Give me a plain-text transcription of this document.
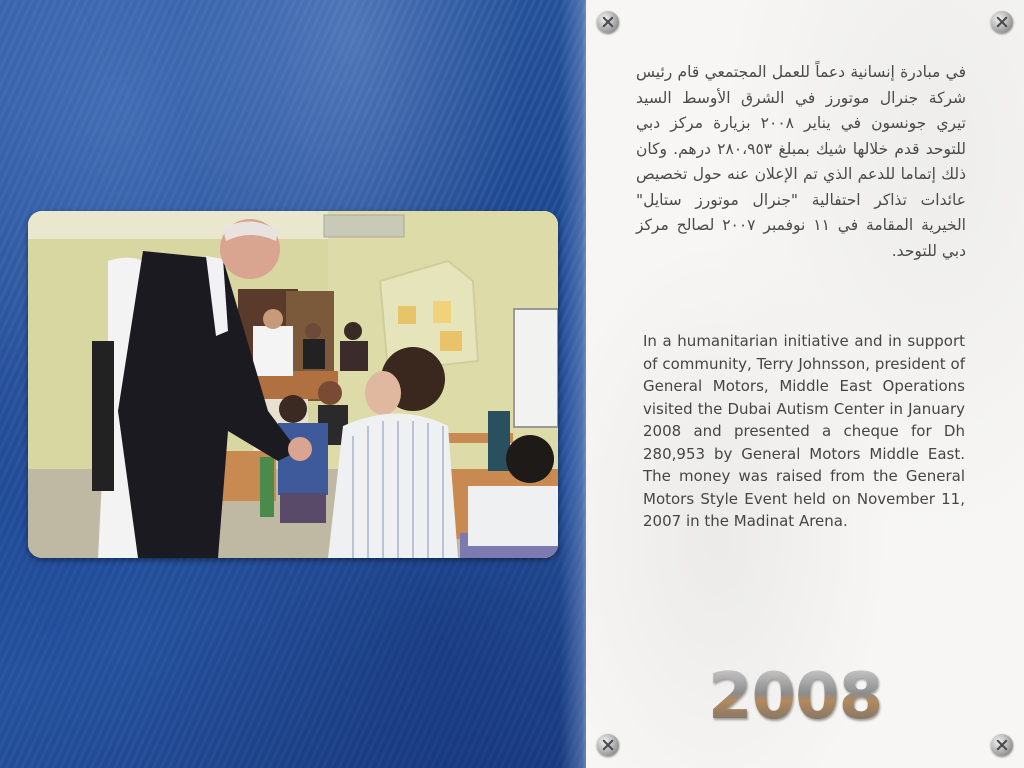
في مبادرة إنسانية دعماً للعمل المجتمعي قام رئيس شركة جنرال موتورز في الشرق الأوسط السيد تيري جونسون في يناير ٢٠٠٨ بزيارة مركز دبي للتوحد قدم خلالها شيك بمبلغ ٢٨٠،٩٥٣ درهم. وكان ذلك إتماما للدعم الذي تم الإعلان عنه حول تخصيص عائدات تذاكر احتفالية "جنرال موتورز ستايل" الخيرية المقامة في ١١ نوفمبر ٢٠٠٧ لصالح مركز دبي للتوحد.
In a humanitarian initiative and in support of community, Terry Johnsson, president of General Motors, Middle East Operations visited the Dubai Autism Center in January 2008 and presented a cheque for Dh 280,953 by General Motors Middle East. The money was raised from the General Motors Style Event held on November 11, 2007 in the Madinat Arena.
2008
